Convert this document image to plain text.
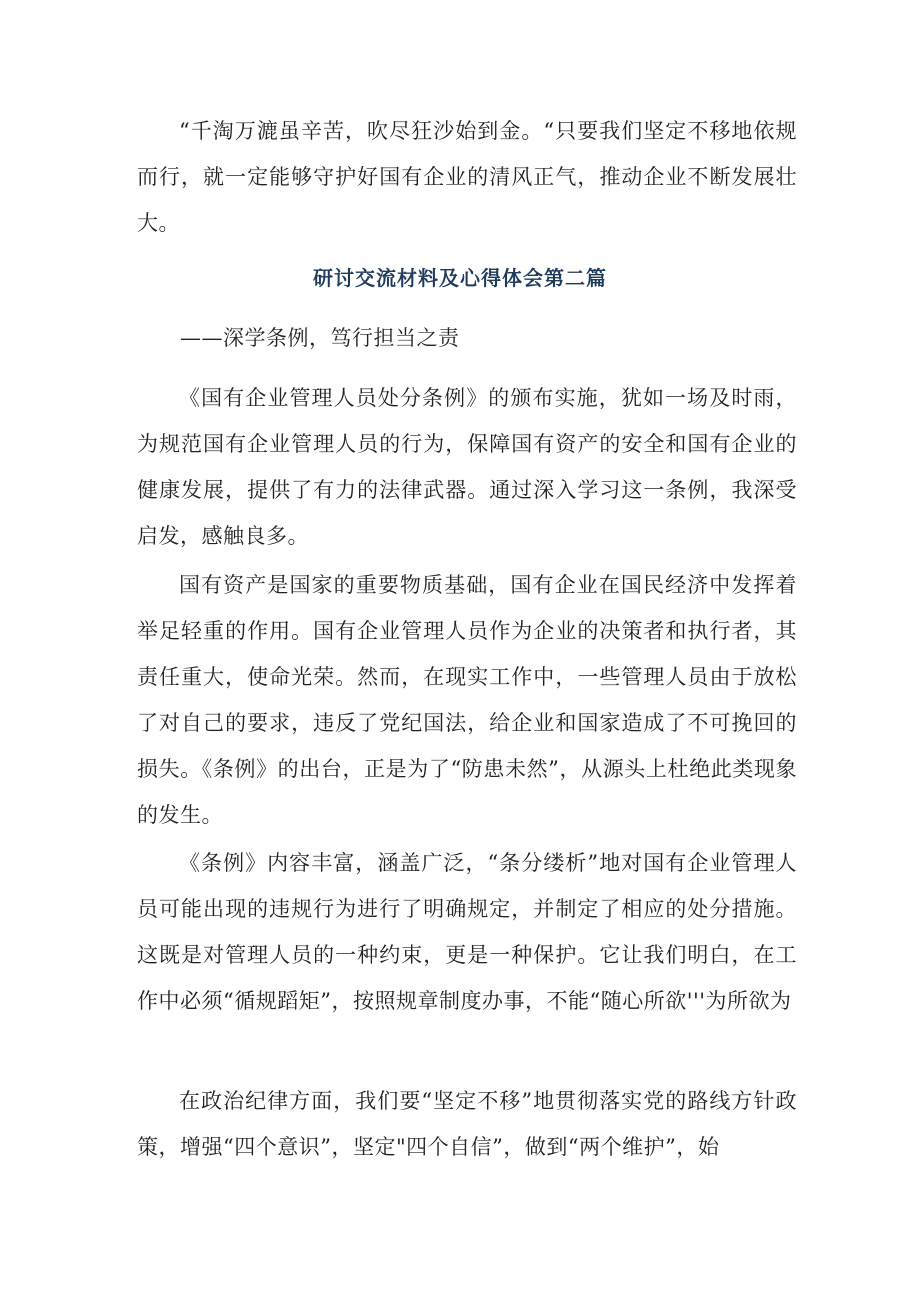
“千淘万漉虽辛苦，吹尽狂沙始到金。“只要我们坚定不移地依规而行，就一定能够守护好国有企业的清风正气，推动企业不断发展壮大。

研讨交流材料及心得体会第二篇
——深学条例，笃行担当之责

《国有企业管理人员处分条例》的颁布实施，犹如一场及时雨，为规范国有企业管理人员的行为，保障国有资产的安全和国有企业的健康发展，提供了有力的法律武器。通过深入学习这一条例，我深受启发，感触良多。

国有资产是国家的重要物质基础，国有企业在国民经济中发挥着举足轻重的作用。国有企业管理人员作为企业的决策者和执行者，其责任重大，使命光荣。然而，在现实工作中，一些管理人员由于放松了对自己的要求，违反了党纪国法，给企业和国家造成了不可挽回的损失。《条例》的出台，正是为了“防患未然”，从源头上杜绝此类现象的发生。

《条例》内容丰富，涵盖广泛，“条分缕析”地对国有企业管理人员可能出现的违规行为进行了明确规定，并制定了相应的处分措施。这既是对管理人员的一种约束，更是一种保护。它让我们明白，在工作中必须“循规蹈矩”，按照规章制度办事，不能“随心所欲'''为所欲为

在政治纪律方面，我们要“坚定不移”地贯彻落实党的路线方针政策，增强“四个意识”，坚定"四个自信”，做到“两个维护”，始
